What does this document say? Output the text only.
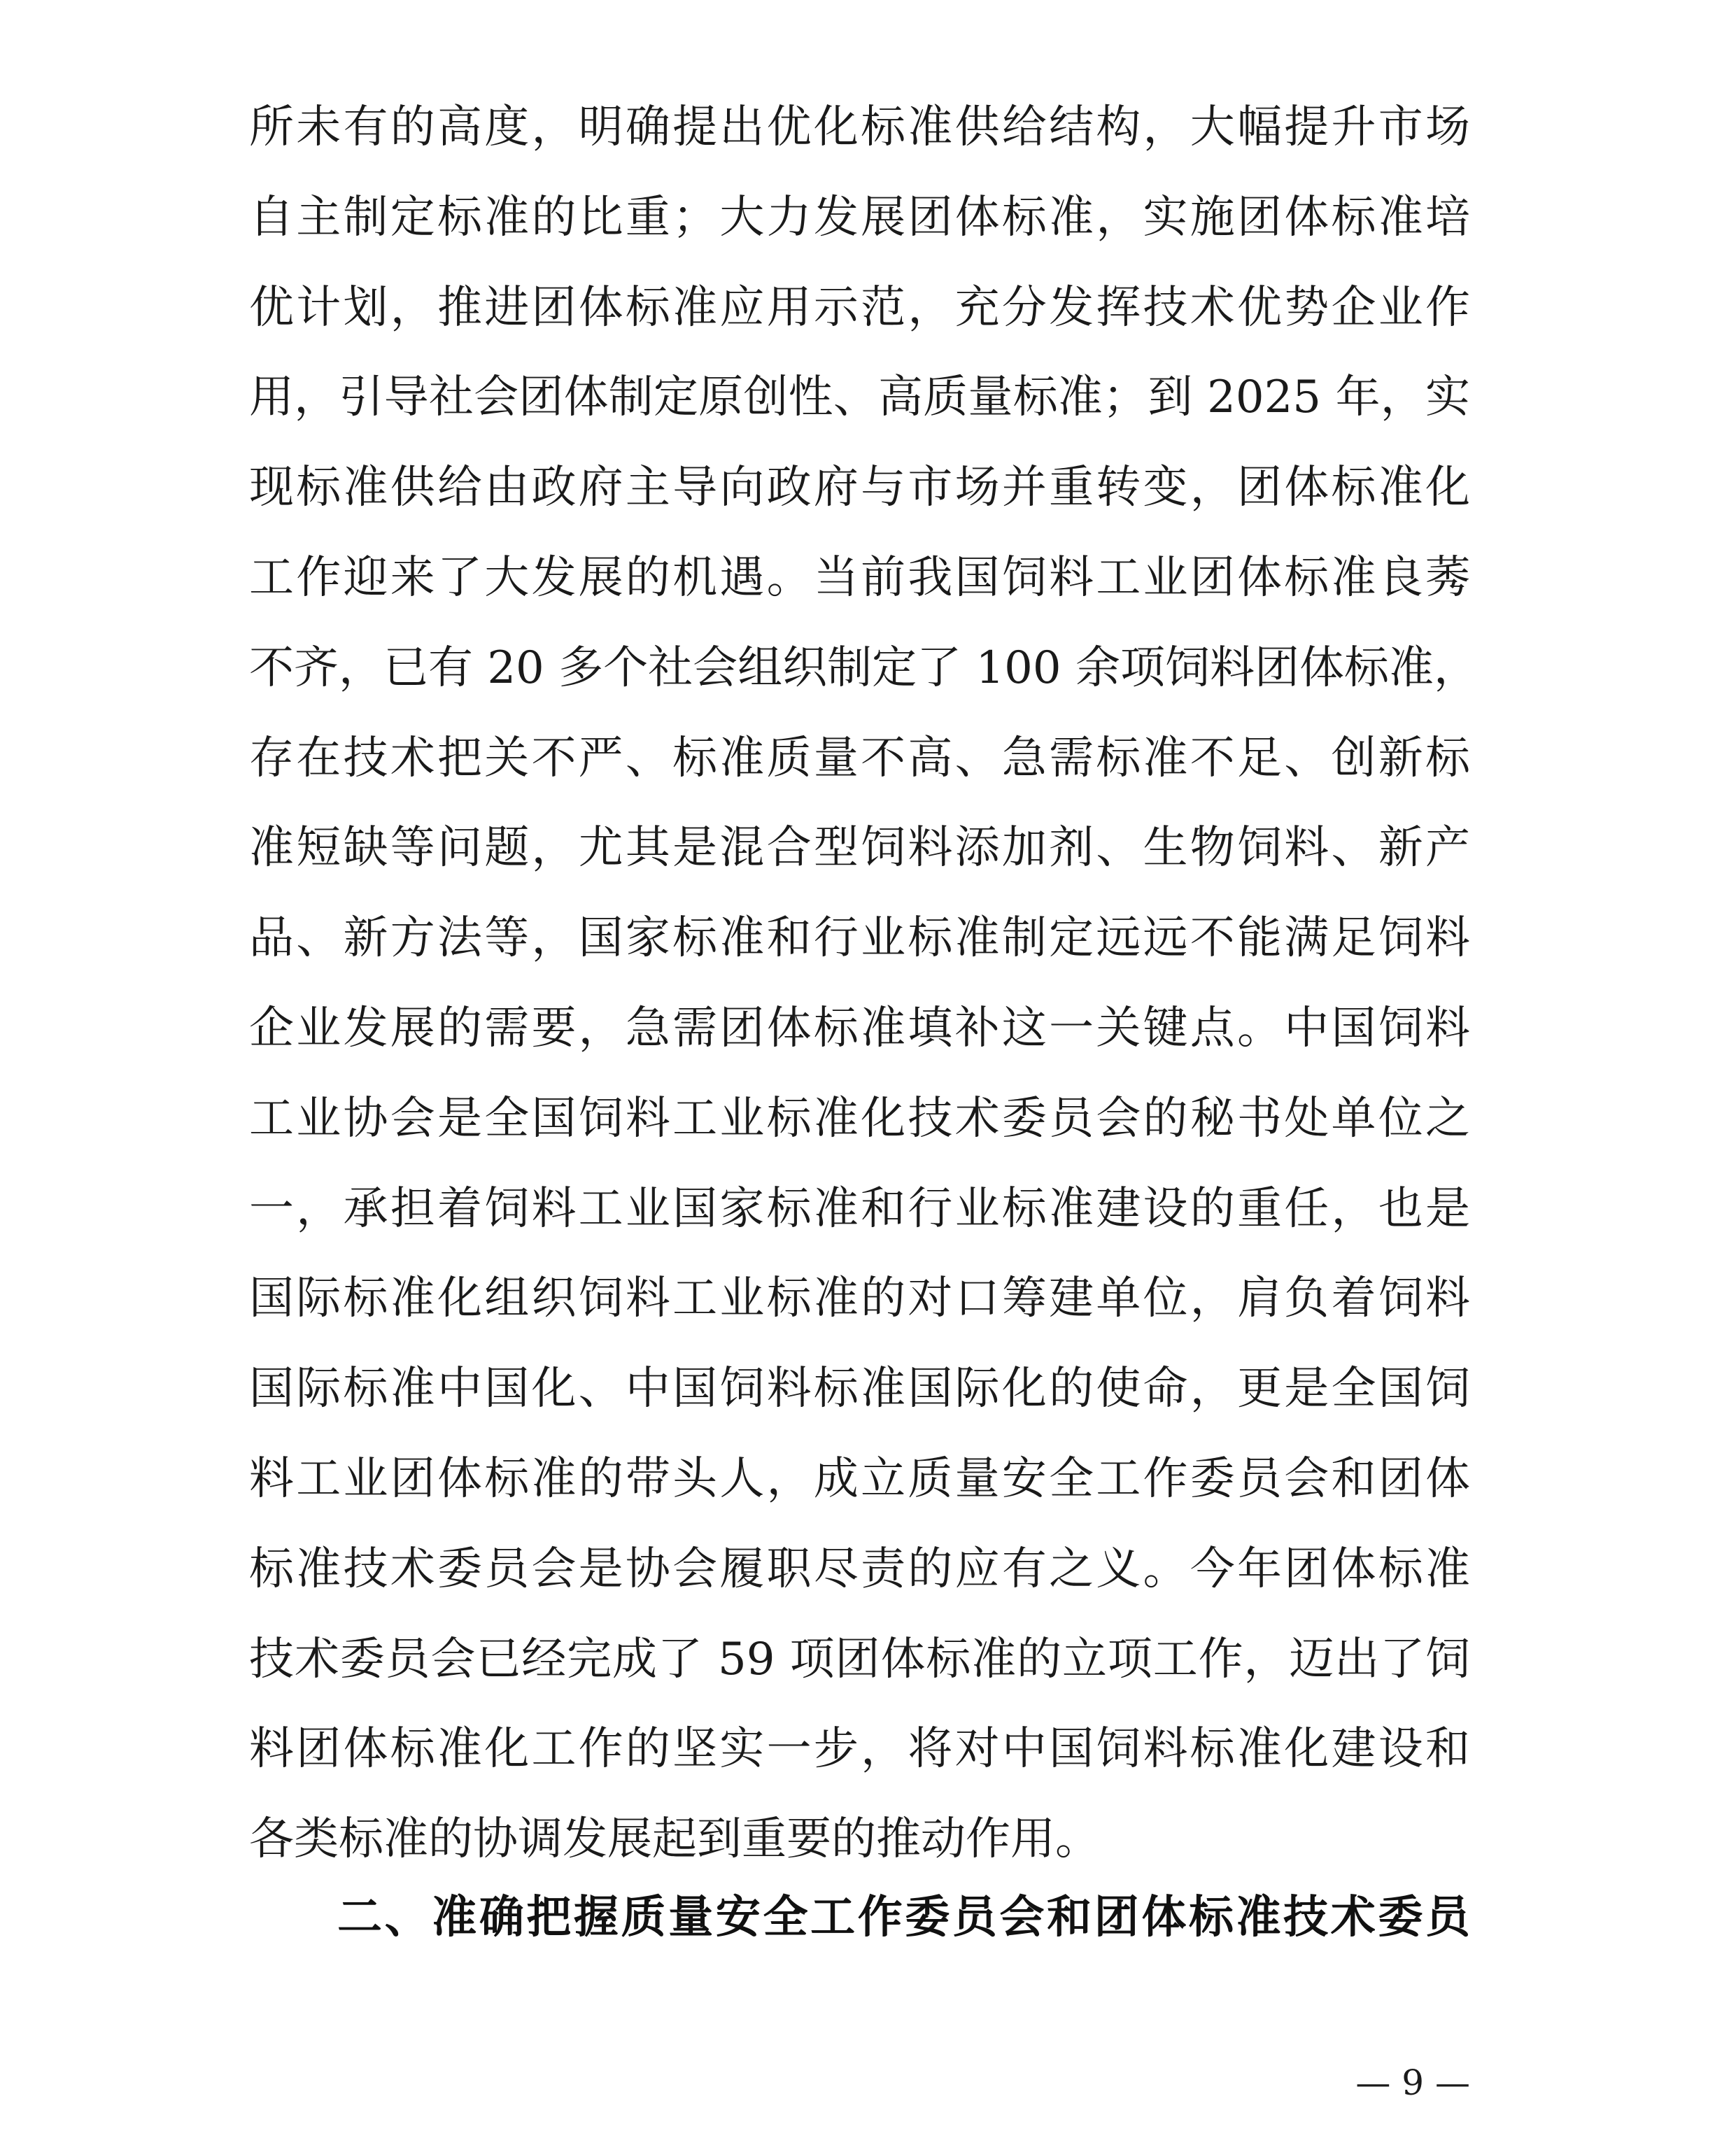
所未有的高度，明确提出优化标准供给结构，大幅提升市场
自主制定标准的比重；大力发展团体标准，实施团体标准培
优计划，推进团体标准应用示范，充分发挥技术优势企业作
用，引导社会团体制定原创性、高质量标准；到 2025 年，实
现标准供给由政府主导向政府与市场并重转变，团体标准化
工作迎来了大发展的机遇。当前我国饲料工业团体标准良莠
不齐，已有 20 多个社会组织制定了 100 余项饲料团体标准，
存在技术把关不严、标准质量不高、急需标准不足、创新标
准短缺等问题，尤其是混合型饲料添加剂、生物饲料、新产
品、新方法等，国家标准和行业标准制定远远不能满足饲料
企业发展的需要，急需团体标准填补这一关键点。中国饲料
工业协会是全国饲料工业标准化技术委员会的秘书处单位之
一，承担着饲料工业国家标准和行业标准建设的重任，也是
国际标准化组织饲料工业标准的对口筹建单位，肩负着饲料
国际标准中国化、中国饲料标准国际化的使命，更是全国饲
料工业团体标准的带头人，成立质量安全工作委员会和团体
标准技术委员会是协会履职尽责的应有之义。今年团体标准
技术委员会已经完成了 59 项团体标准的立项工作，迈出了饲
料团体标准化工作的坚实一步，将对中国饲料标准化建设和
各类标准的协调发展起到重要的推动作用。
二、准确把握质量安全工作委员会和团体标准技术委员
— 9 —
